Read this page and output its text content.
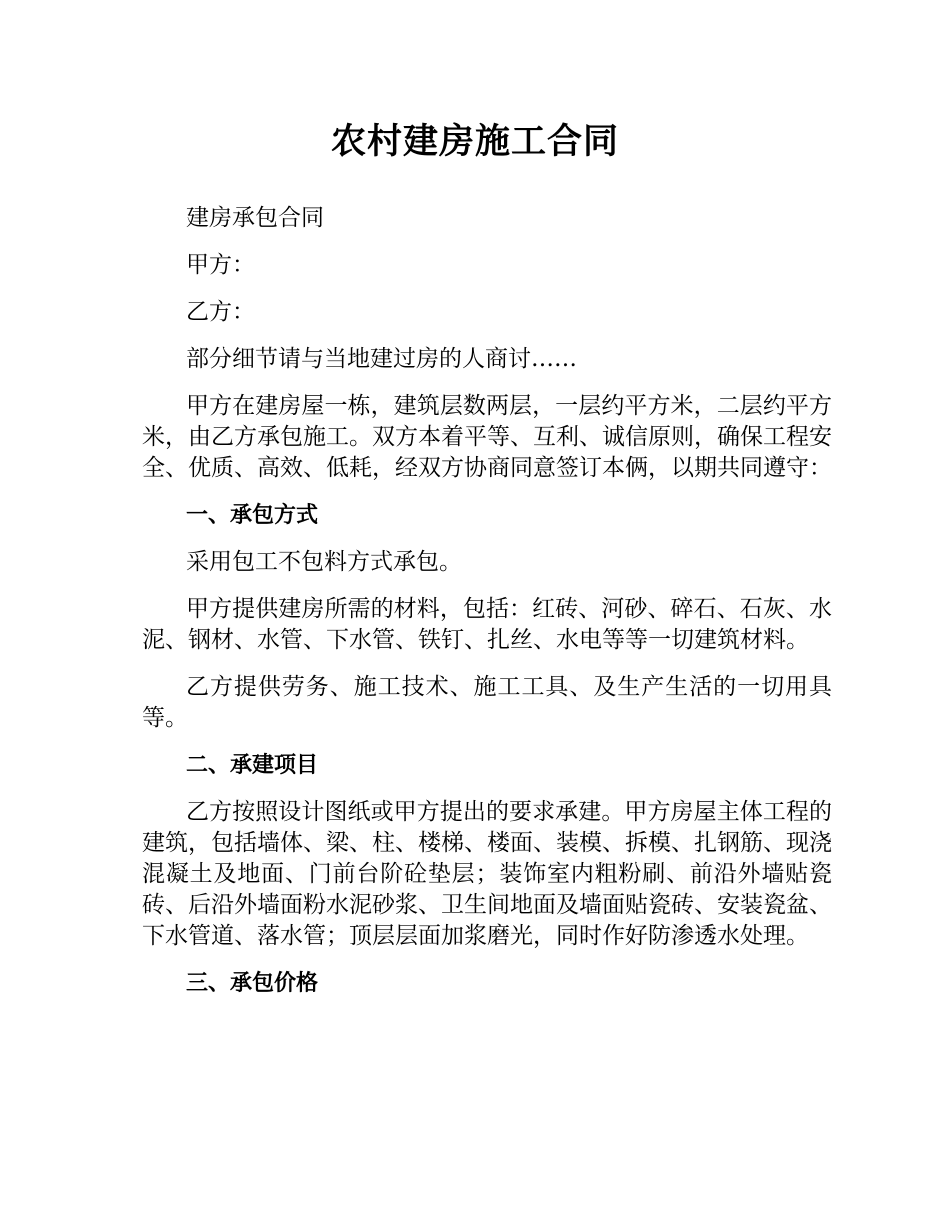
农村建房施工合同

建房承包合同

甲方：

乙方：

部分细节请与当地建过房的人商讨……

甲方在建房屋一栋，建筑层数两层，一层约平方米，二层约平方米，由乙方承包施工。双方本着平等、互利、诚信原则，确保工程安全、优质、高效、低耗，经双方协商同意签订本俩，以期共同遵守：

一、承包方式

采用包工不包料方式承包。

甲方提供建房所需的材料，包括：红砖、河砂、碎石、石灰、水泥、钢材、水管、下水管、铁钉、扎丝、水电等等一切建筑材料。

乙方提供劳务、施工技术、施工工具、及生产生活的一切用具等。

二、承建项目

乙方按照设计图纸或甲方提出的要求承建。甲方房屋主体工程的建筑，包括墙体、梁、柱、楼梯、楼面、装模、拆模、扎钢筋、现浇混凝土及地面、门前台阶砼垫层；装饰室内粗粉刷、前沿外墙贴瓷砖、后沿外墙面粉水泥砂浆、卫生间地面及墙面贴瓷砖、安装瓷盆、下水管道、落水管；顶层层面加浆磨光，同时作好防渗透水处理。

三、承包价格
